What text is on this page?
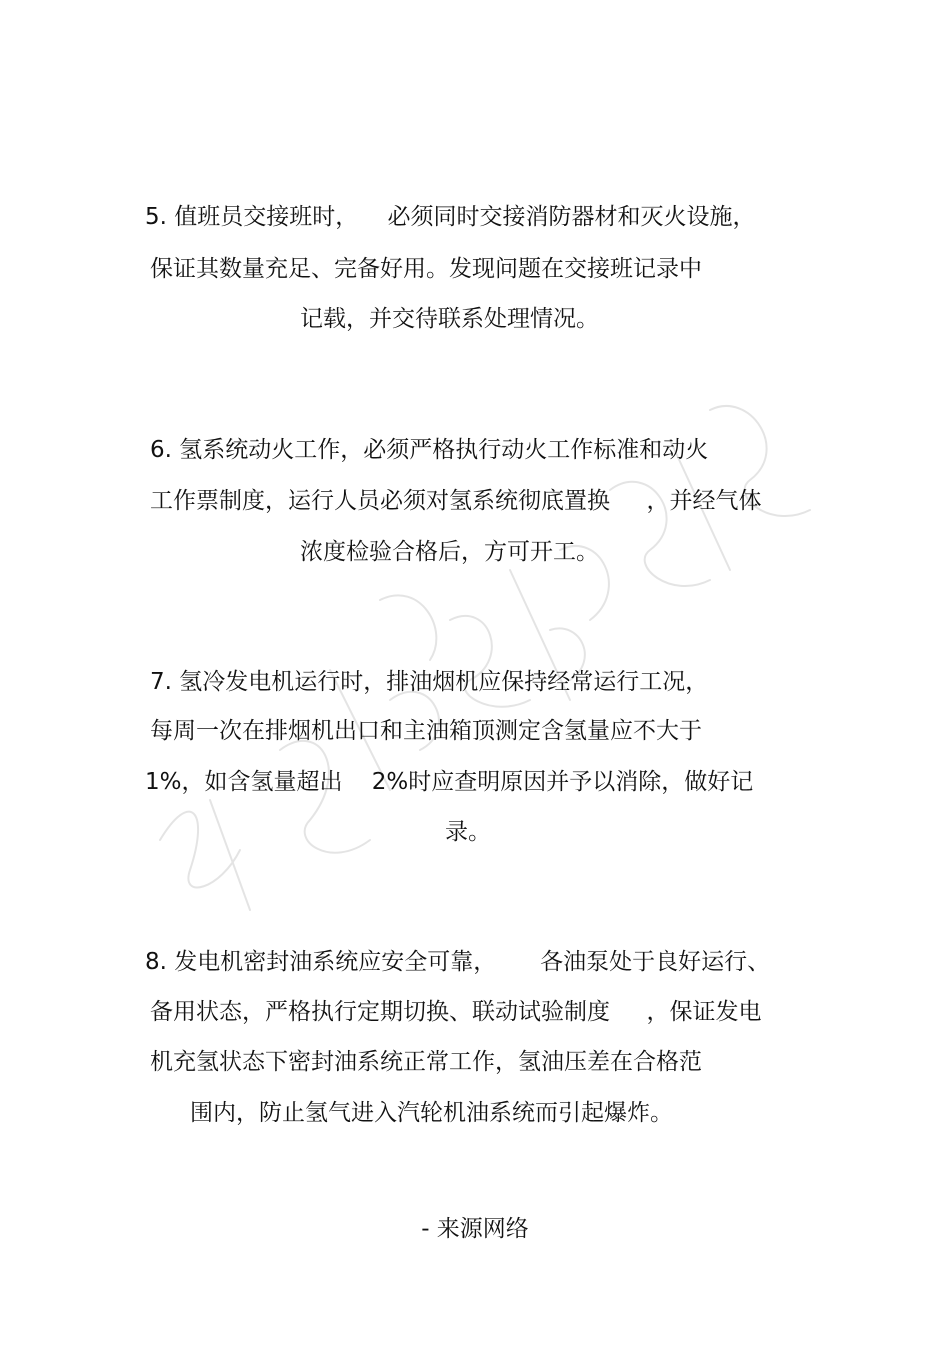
5. 值班员交接班时，    必须同时交接消防器材和灭火设施，
保证其数量充足、完备好用。发现问题在交接班记录中
记载，并交待联系处理情况。
6. 氢系统动火工作，必须严格执行动火工作标准和动火
工作票制度，运行人员必须对氢系统彻底置换     ，并经气体
浓度检验合格后，方可开工。
7. 氢冷发电机运行时，排油烟机应保持经常运行工况，
每周一次在排烟机出口和主油箱顶测定含氢量应不大于
1%，如含氢量超出    2%时应查明原因并予以消除，做好记
录。
8. 发电机密封油系统应安全可靠，      各油泵处于良好运行、
备用状态，严格执行定期切换、联动试验制度     ，保证发电
机充氢状态下密封油系统正常工作，氢油压差在合格范
围内，防止氢气进入汽轮机油系统而引起爆炸。
- 来源网络
